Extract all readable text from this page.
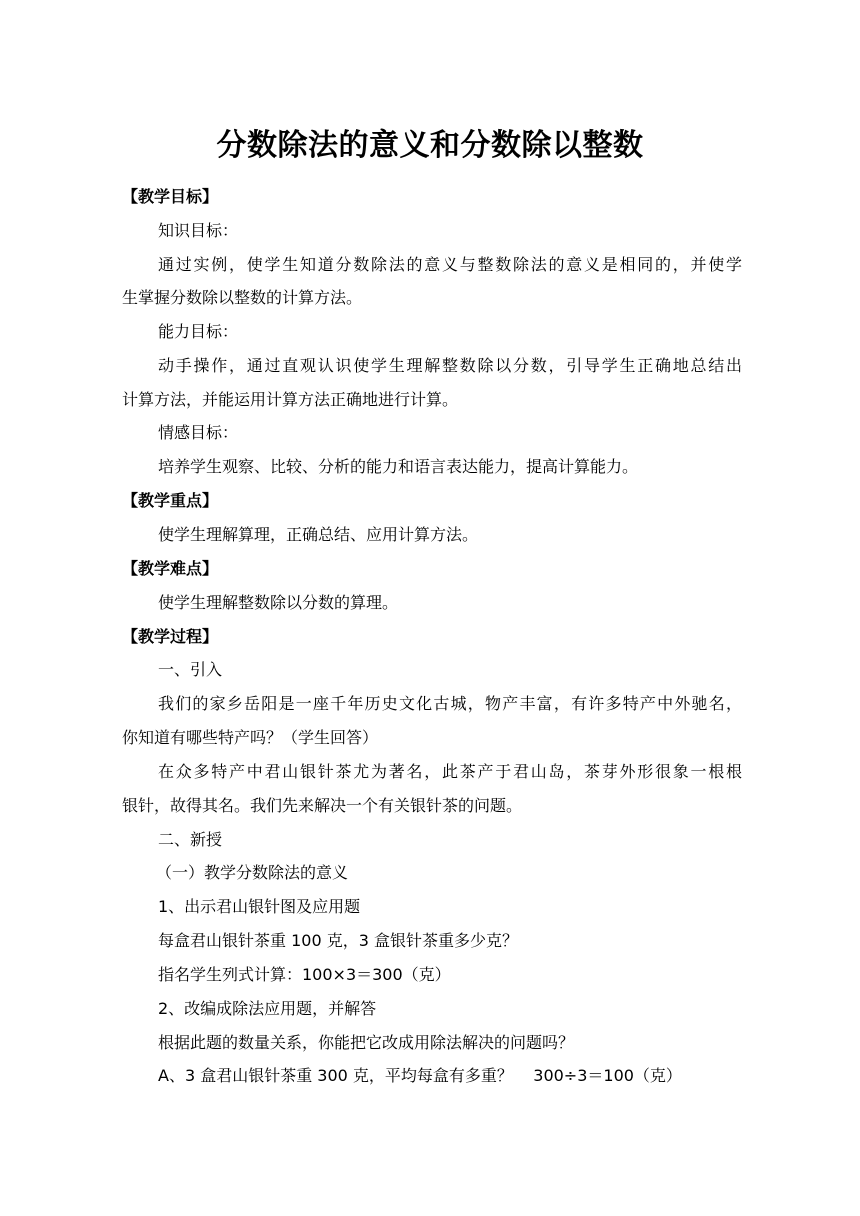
分数除法的意义和分数除以整数
【教学目标】
知识目标：
通过实例，使学生知道分数除法的意义与整数除法的意义是相同的，并使学
生掌握分数除以整数的计算方法。
能力目标：
动手操作，通过直观认识使学生理解整数除以分数，引导学生正确地总结出
计算方法，并能运用计算方法正确地进行计算。
情感目标：
培养学生观察、比较、分析的能力和语言表达能力，提高计算能力。
【教学重点】
使学生理解算理，正确总结、应用计算方法。
【教学难点】
使学生理解整数除以分数的算理。
【教学过程】
一、引入
我们的家乡岳阳是一座千年历史文化古城，物产丰富，有许多特产中外驰名，
你知道有哪些特产吗？（学生回答）
在众多特产中君山银针茶尤为著名，此茶产于君山岛，茶芽外形很象一根根
银针，故得其名。我们先来解决一个有关银针茶的问题。
二、新授
（一）教学分数除法的意义
1、出示君山银针图及应用题
每盒君山银针茶重 100 克，3 盒银针茶重多少克？
指名学生列式计算：100×3＝300（克）
2、改编成除法应用题，并解答
根据此题的数量关系，你能把它改成用除法解决的问题吗？
A、3 盒君山银针茶重 300 克，平均每盒有多重？    300÷3＝100（克）
